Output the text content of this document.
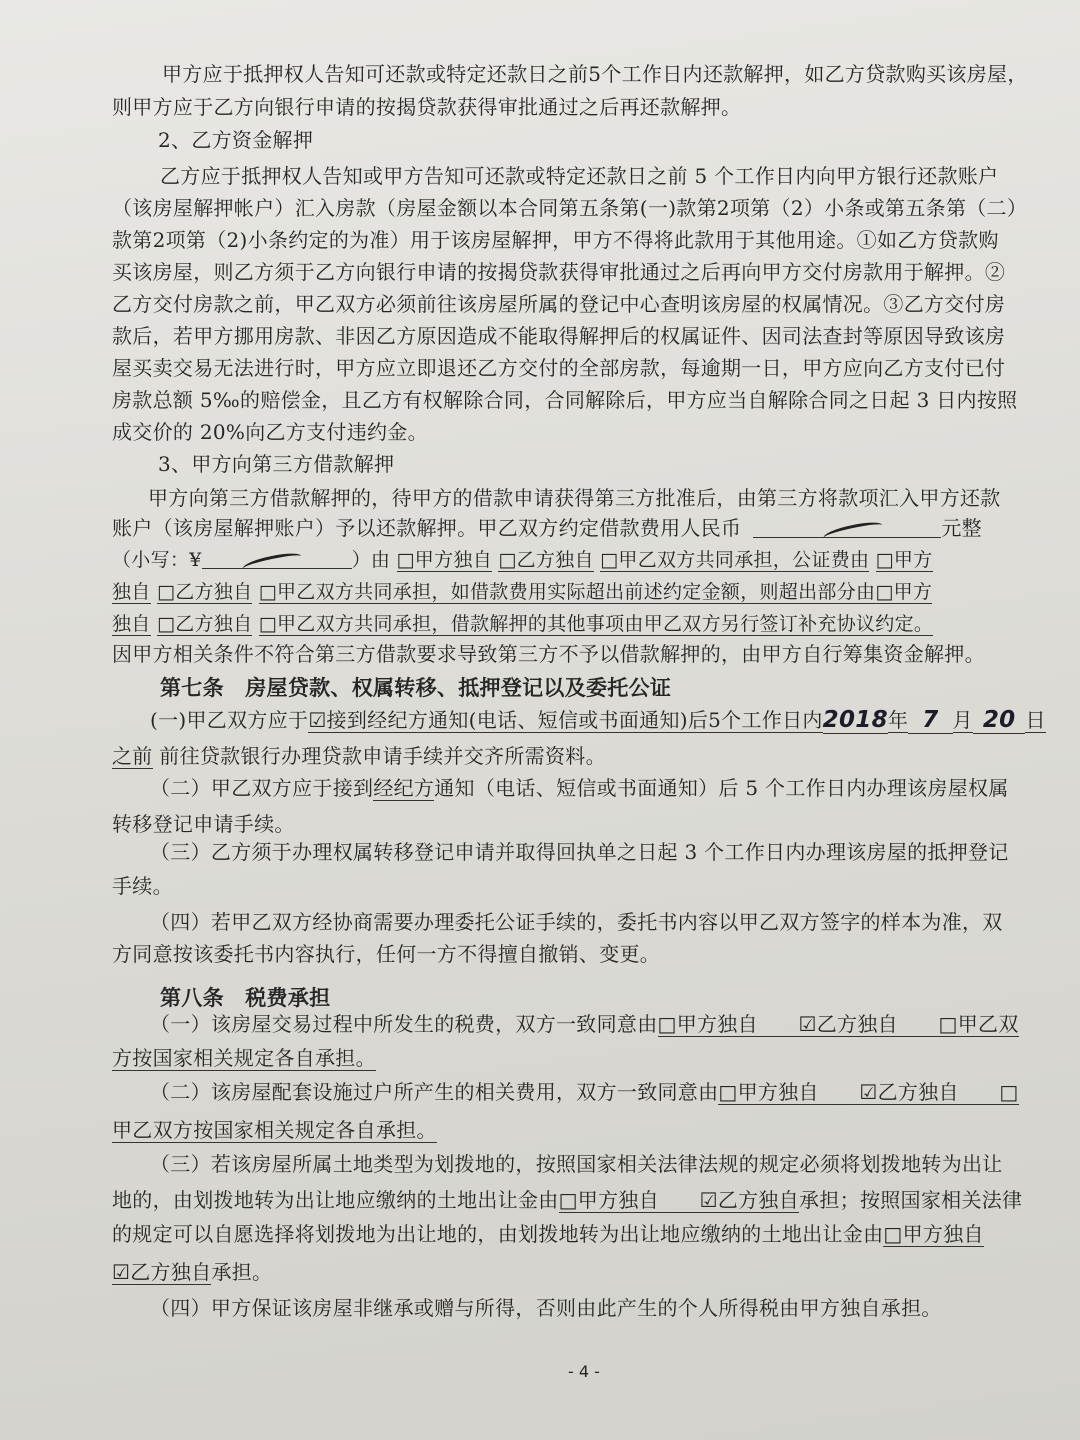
甲方应于抵押权人告知可还款或特定还款日之前5个工作日内还款解押，如乙方贷款购买该房屋，
则甲方应于乙方向银行申请的按揭贷款获得审批通过之后再还款解押。
2、乙方资金解押
乙方应于抵押权人告知或甲方告知可还款或特定还款日之前 5 个工作日内向甲方银行还款账户
（该房屋解押帐户）汇入房款（房屋金额以本合同第五条第(一)款第2项第（2）小条或第五条第（二）
款第2项第（2)小条约定的为准）用于该房屋解押，甲方不得将此款用于其他用途。①如乙方贷款购
买该房屋，则乙方须于乙方向银行申请的按揭贷款获得审批通过之后再向甲方交付房款用于解押。②
乙方交付房款之前，甲乙双方必须前往该房屋所属的登记中心查明该房屋的权属情况。③乙方交付房
款后，若甲方挪用房款、非因乙方原因造成不能取得解押后的权属证件、因司法查封等原因导致该房
屋买卖交易无法进行时，甲方应立即退还乙方交付的全部房款，每逾期一日，甲方应向乙方支付已付
房款总额 5‰的赔偿金，且乙方有权解除合同，合同解除后，甲方应当自解除合同之日起 3 日内按照
成交价的 20%向乙方支付违约金。
3、甲方向第三方借款解押
甲方向第三方借款解押的，待甲方的借款申请获得第三方批准后，由第三方将款项汇入甲方还款
账户（该房屋解押账户）予以还款解押。甲乙双方约定借款费用人民币	元整
（小写：¥	）由 □甲方独自 □乙方独自 □甲乙双方共同承担，公证费由 □甲方
独自 □乙方独自 □甲乙双方共同承担，如借款费用实际超出前述约定金额，则超出部分由□甲方
独自 □乙方独自 □甲乙双方共同承担，借款解押的其他事项由甲乙双方另行签订补充协议约定。
因甲方相关条件不符合第三方借款要求导致第三方不予以借款解押的，由甲方自行筹集资金解押。
第七条　房屋贷款、权属转移、抵押登记以及委托公证
(一)甲乙双方应于☑接到经纪方通知(电话、短信或书面通知)后5个工作日内2018年 7 月 20 日
之前 前往贷款银行办理贷款申请手续并交齐所需资料。
（二）甲乙双方应于接到经纪方通知（电话、短信或书面通知）后 5 个工作日内办理该房屋权属
转移登记申请手续。
（三）乙方须于办理权属转移登记申请并取得回执单之日起 3 个工作日内办理该房屋的抵押登记
手续。
（四）若甲乙双方经协商需要办理委托公证手续的，委托书内容以甲乙双方签字的样本为准，双
方同意按该委托书内容执行，任何一方不得擅自撤销、变更。
第八条　税费承担
（一）该房屋交易过程中所发生的税费，双方一致同意由□甲方独自　　☑乙方独自　　□甲乙双
方按国家相关规定各自承担。
（二）该房屋配套设施过户所产生的相关费用，双方一致同意由□甲方独自　　☑乙方独自　　□
甲乙双方按国家相关规定各自承担。
（三）若该房屋所属土地类型为划拨地的，按照国家相关法律法规的规定必须将划拨地转为出让
地的，由划拨地转为出让地应缴纳的土地出让金由□甲方独自　　☑乙方独自承担；按照国家相关法律
的规定可以自愿选择将划拨地为出让地的，由划拨地转为出让地应缴纳的土地出让金由□甲方独自
☑乙方独自承担。
（四）甲方保证该房屋非继承或赠与所得，否则由此产生的个人所得税由甲方独自承担。
- 4 -
